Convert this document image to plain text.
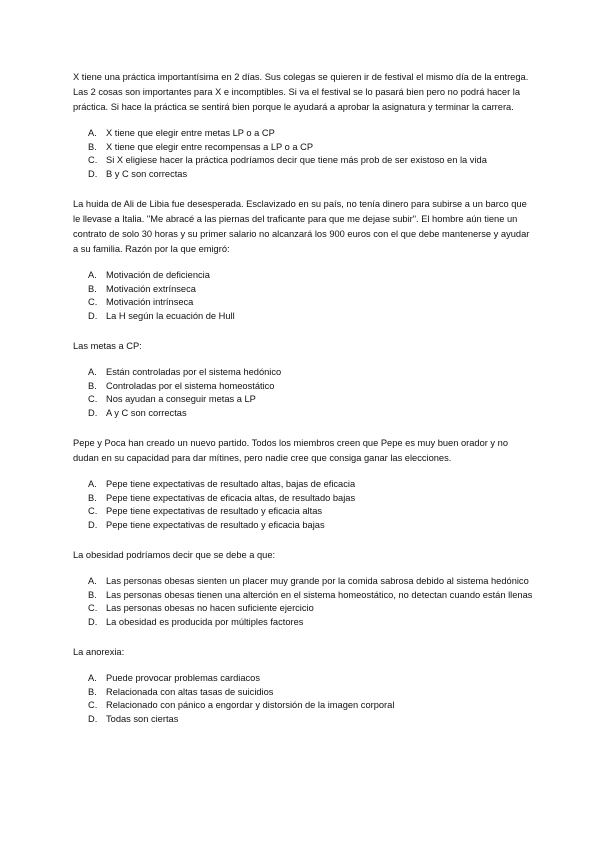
X tiene una práctica importantísima en 2 días. Sus colegas se quieren ir de festival el mismo día de la entrega. Las 2 cosas son importantes para X e incomptibles. Si va el festival se lo pasará bien pero no podrá hacer la práctica. Si hace la práctica se sentirá bien porque le ayudará a aprobar la asignatura y terminar la carrera.

A. X tiene que elegir entre metas LP o a CP
B. X tiene que elegir entre recompensas a LP o a CP
C. Si X eligiese hacer la práctica podríamos decir que tiene más prob de ser existoso en la vida
D. B y C son correctas

La huida de Ali de Libia fue desesperada. Esclavizado en su país, no tenía dinero para subirse a un barco que le llevase a Italia. "Me abracé a las piernas del traficante para que me dejase subir". El hombre aún tiene un contrato de solo 30 horas y su primer salario no alcanzará los 900 euros con el que debe mantenerse y ayudar a su familia. Razón por la que emigró:

A. Motivación de deficiencia
B. Motivación extrínseca
C. Motivación intrínseca
D. La H según la ecuación de Hull

Las metas a CP:

A. Están controladas por el sistema hedónico
B. Controladas por el sistema homeostático
C. Nos ayudan a conseguir metas a LP
D. A y C son correctas

Pepe y Poca han creado un nuevo partido. Todos los miembros creen que Pepe es muy buen orador y no dudan en su capacidad para dar mítines, pero nadie cree que consiga ganar las elecciones.

A. Pepe tiene expectativas de resultado altas, bajas de eficacia
B. Pepe tiene expectativas de eficacia altas, de resultado bajas
C. Pepe tiene expectativas de resultado y eficacia altas
D. Pepe tiene expectativas de resultado y eficacia bajas

La obesidad podríamos decir que se debe a que:

A. Las personas obesas sienten un placer muy grande por la comida sabrosa debido al sistema hedónico
B. Las personas obesas tienen una alterción en el sistema homeostático, no detectan cuando están llenas
C. Las personas obesas no hacen suficiente ejercicio
D. La obesidad es producida por múltiples factores

La anorexia:

A. Puede provocar problemas cardiacos
B. Relacionada con altas tasas de suicidios
C. Relacionado con pánico a engordar y distorsión de la imagen corporal
D. Todas son ciertas
